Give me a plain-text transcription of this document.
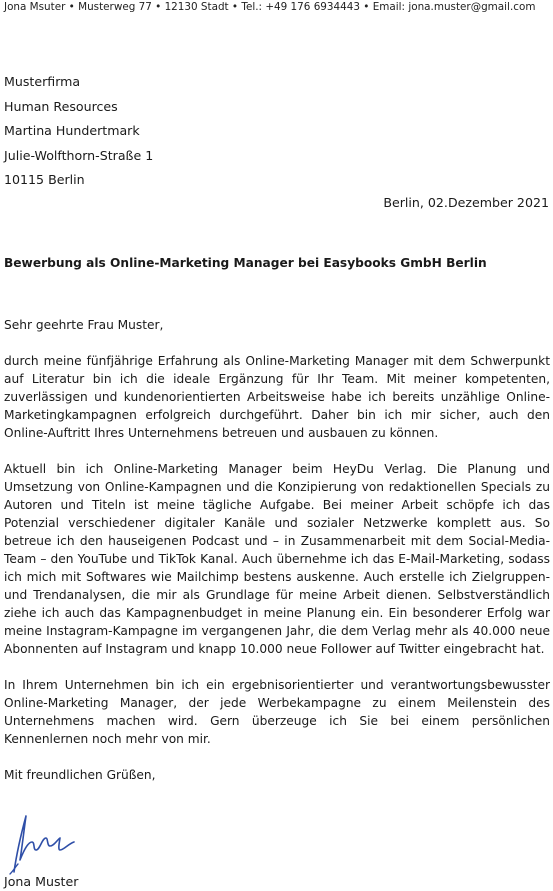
Jona Msuter • Musterweg 77 • 12130 Stadt • Tel.: +49 176 6934443 • Email: jona.muster@gmail.com
Musterfirma
Human Resources
Martina Hundertmark
Julie-Wolfthorn-Straße 1
10115 Berlin
Berlin, 02.Dezember 2021
Bewerbung als Online-Marketing Manager bei Easybooks GmbH Berlin

Sehr geehrte Frau Muster,

durch meine fünfjährige Erfahrung als Online-Marketing Manager mit dem Schwerpunkt auf Literatur bin ich die ideale Ergänzung für Ihr Team. Mit meiner kompetenten, zuverlässigen und kundenorientierten Arbeitsweise habe ich bereits unzählige Online-Marketingkampagnen erfolgreich durchgeführt. Daher bin ich mir sicher, auch den Online-Auftritt Ihres Unternehmens betreuen und ausbauen zu können.

Aktuell bin ich Online-Marketing Manager beim HeyDu Verlag. Die Planung und Umsetzung von Online-Kampagnen und die Konzipierung von redaktionellen Specials zu Autoren und Titeln ist meine tägliche Aufgabe. Bei meiner Arbeit schöpfe ich das Potenzial verschiedener digitaler Kanäle und sozialer Netzwerke komplett aus. So betreue ich den hauseigenen Podcast und – in Zusammenarbeit mit dem Social-Media-Team – den YouTube und TikTok Kanal. Auch übernehme ich das E-Mail-Marketing, sodass ich mich mit Softwares wie Mailchimp bestens auskenne. Auch erstelle ich Zielgruppen- und Trendanalysen, die mir als Grundlage für meine Arbeit dienen. Selbstverständlich ziehe ich auch das Kampagnenbudget in meine Planung ein. Ein besonderer Erfolg war meine Instagram-Kampagne im vergangenen Jahr, die dem Verlag mehr als 40.000 neue Abonnenten auf Instagram und knapp 10.000 neue Follower auf Twitter eingebracht hat.

In Ihrem Unternehmen bin ich ein ergebnisorientierter und verantwortungsbewusster Online-Marketing Manager, der jede Werbekampagne zu einem Meilenstein des Unternehmens machen wird. Gern überzeuge ich Sie bei einem persönlichen Kennenlernen noch mehr von mir.

Mit freundlichen Grüßen,

Jona Muster
